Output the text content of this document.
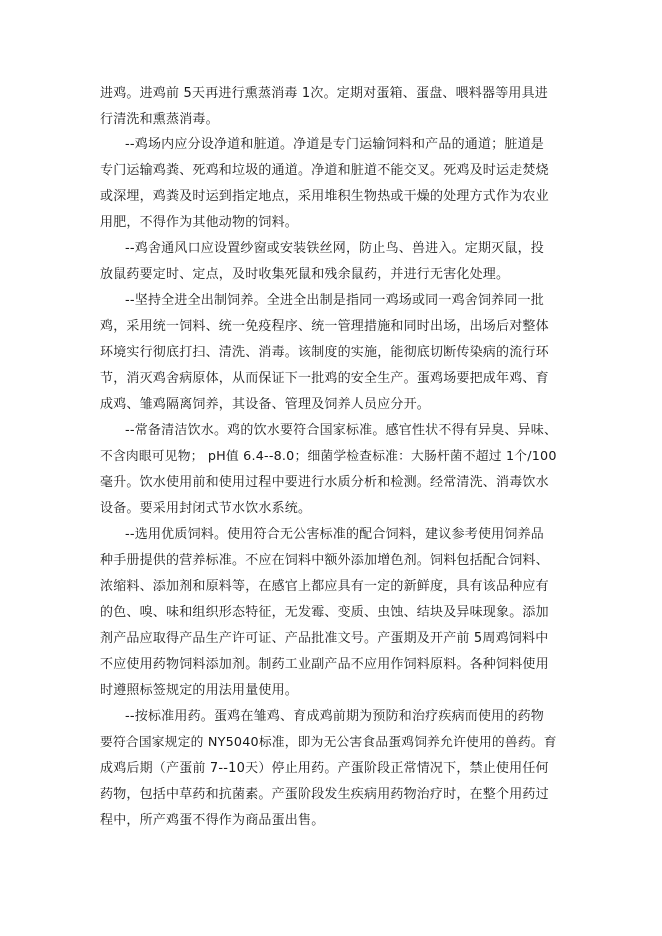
进鸡。进鸡前 5天再进行熏蒸消毒 1次。定期对蛋箱、蛋盘、喂料器等用具进
行清洗和熏蒸消毒。
--鸡场内应分设净道和脏道。净道是专门运输饲料和产品的通道；脏道是
专门运输鸡粪、死鸡和垃圾的通道。净道和脏道不能交叉。死鸡及时运走焚烧
或深埋，鸡粪及时运到指定地点，采用堆积生物热或干燥的处理方式作为农业
用肥，不得作为其他动物的饲料。
--鸡舍通风口应设置纱窗或安装铁丝网，防止鸟、兽进入。定期灭鼠，投
放鼠药要定时、定点，及时收集死鼠和残余鼠药，并进行无害化处理。
--坚持全进全出制饲养。全进全出制是指同一鸡场或同一鸡舍饲养同一批
鸡，采用统一饲料、统一免疫程序、统一管理措施和同时出场，出场后对整体
环境实行彻底打扫、清洗、消毒。该制度的实施，能彻底切断传染病的流行环
节，消灭鸡舍病原体，从而保证下一批鸡的安全生产。蛋鸡场要把成年鸡、育
成鸡、雏鸡隔离饲养，其设备、管理及饲养人员应分开。
--常备清洁饮水。鸡的饮水要符合国家标准。感官性状不得有异臭、异味、
不含肉眼可见物； pH值 6.4--8.0；细菌学检查标准：大肠杆菌不超过 1个/100
毫升。饮水使用前和使用过程中要进行水质分析和检测。经常清洗、消毒饮水
设备。要采用封闭式节水饮水系统。
--选用优质饲料。使用符合无公害标准的配合饲料，建议参考使用饲养品
种手册提供的营养标准。不应在饲料中额外添加增色剂。饲料包括配合饲料、
浓缩料、添加剂和原料等，在感官上都应具有一定的新鲜度，具有该品种应有
的色、嗅、味和组织形态特征，无发霉、变质、虫蚀、结块及异味现象。添加
剂产品应取得产品生产许可证、产品批准文号。产蛋期及开产前 5周鸡饲料中
不应使用药物饲料添加剂。制药工业副产品不应用作饲料原料。各种饲料使用
时遵照标签规定的用法用量使用。
--按标准用药。蛋鸡在雏鸡、育成鸡前期为预防和治疗疾病而使用的药物
要符合国家规定的 NY5040标准，即为无公害食品蛋鸡饲养允许使用的兽药。育
成鸡后期（产蛋前 7--10天）停止用药。产蛋阶段正常情况下，禁止使用任何
药物，包括中草药和抗菌素。产蛋阶段发生疾病用药物治疗时，在整个用药过
程中，所产鸡蛋不得作为商品蛋出售。
